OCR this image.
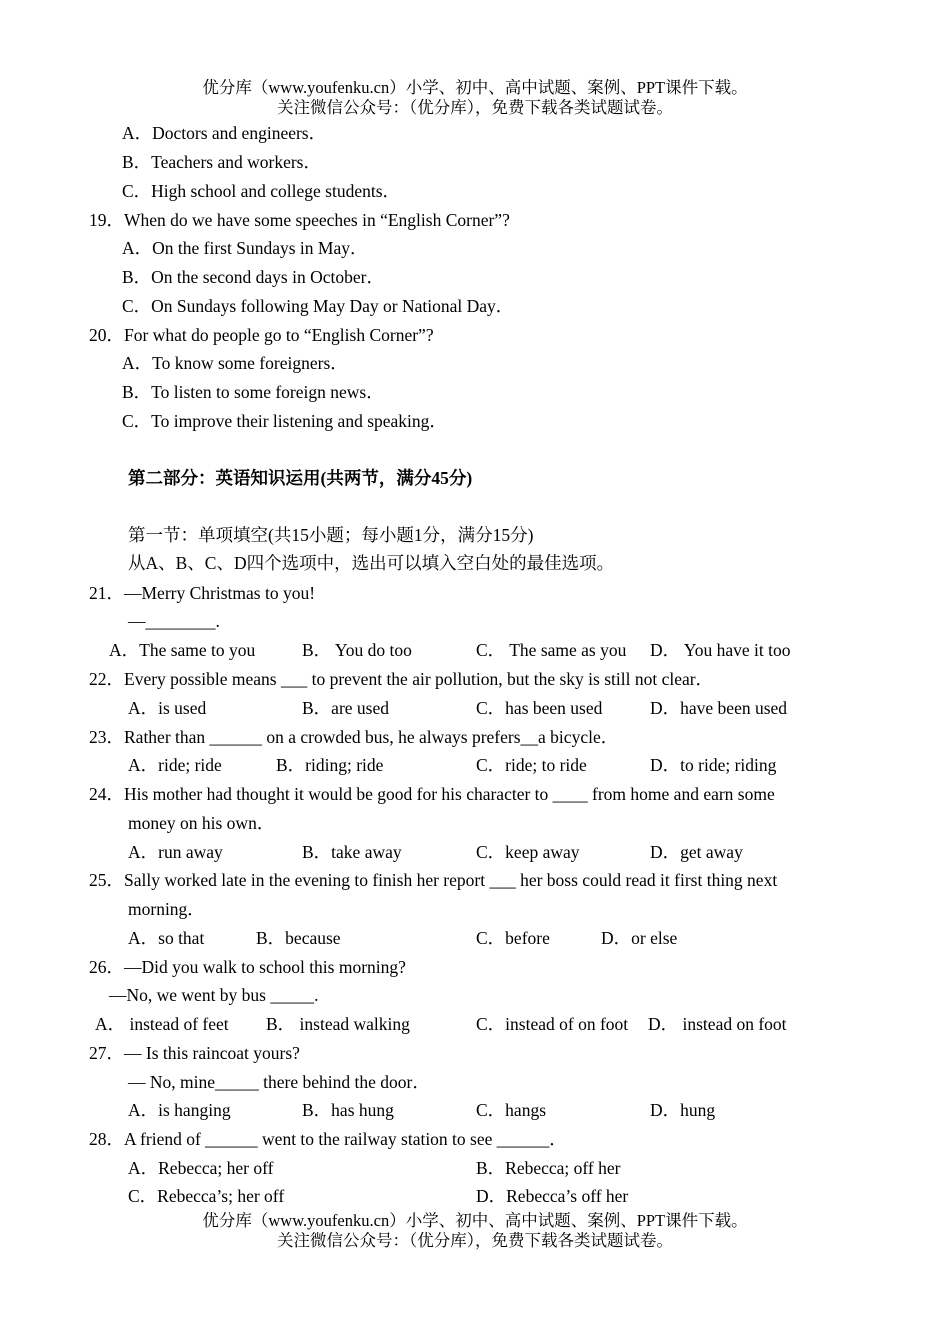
优分库（www.youfenku.cn）小学、初中、高中试题、案例、PPT课件下载。
关注微信公众号：（优分库），免费下载各类试题试卷。
A．Doctors and engineers．
B．Teachers and workers．
C．High school and college students．
19．When do we have some speeches in “English Corner”?
A．On the first Sundays in May．
B．On the second days in October．
C．On Sundays following May Day or National Day．
20．For what do people go to “English Corner”?
A．To know some foreigners．
B．To listen to some foreign news．
C．To improve their listening and speaking．
第二部分：英语知识运用(共两节，满分45分)
第一节：单项填空(共15小题；每小题1分，满分15分)
从A、B、C、D四个选项中，选出可以填入空白处的最佳选项。
21．—Merry Christmas to you!
—________.
A．The same to you	B． You do too	C． The same as you D． You have it too
22．Every possible means ___ to prevent the air pollution, but the sky is still not clear．
A．is used	B．are used	C．has been used	D．have been used
23．Rather than ______ on a crowded bus, he always prefers__a bicycle．
A．ride; ride	B．riding; ride	C．ride; to ride	D．to ride; riding
24．His mother had thought it would be good for his character to ____ from home and earn some
money on his own．
A．run away	B．take away	C．keep away	D．get away
25．Sally worked late in the evening to finish her report ___ her boss could read it first thing next
morning．
A．so that	B．because	C．before	D．or else
26．—Did you walk to school this morning?
—No, we went by bus _____.
A． instead of feet B． instead walking	C．instead of on foot D． instead on foot
27．— Is this raincoat yours?
— No, mine_____ there behind the door．
A．is hanging	B．has hung	C．hangs	D．hung
28．A friend of ______ went to the railway station to see ______．
A．Rebecca; her off	B．Rebecca; off her
C．Rebecca’s; her off	D．Rebecca’s off her
优分库（www.youfenku.cn）小学、初中、高中试题、案例、PPT课件下载。
关注微信公众号：（优分库），免费下载各类试题试卷。
